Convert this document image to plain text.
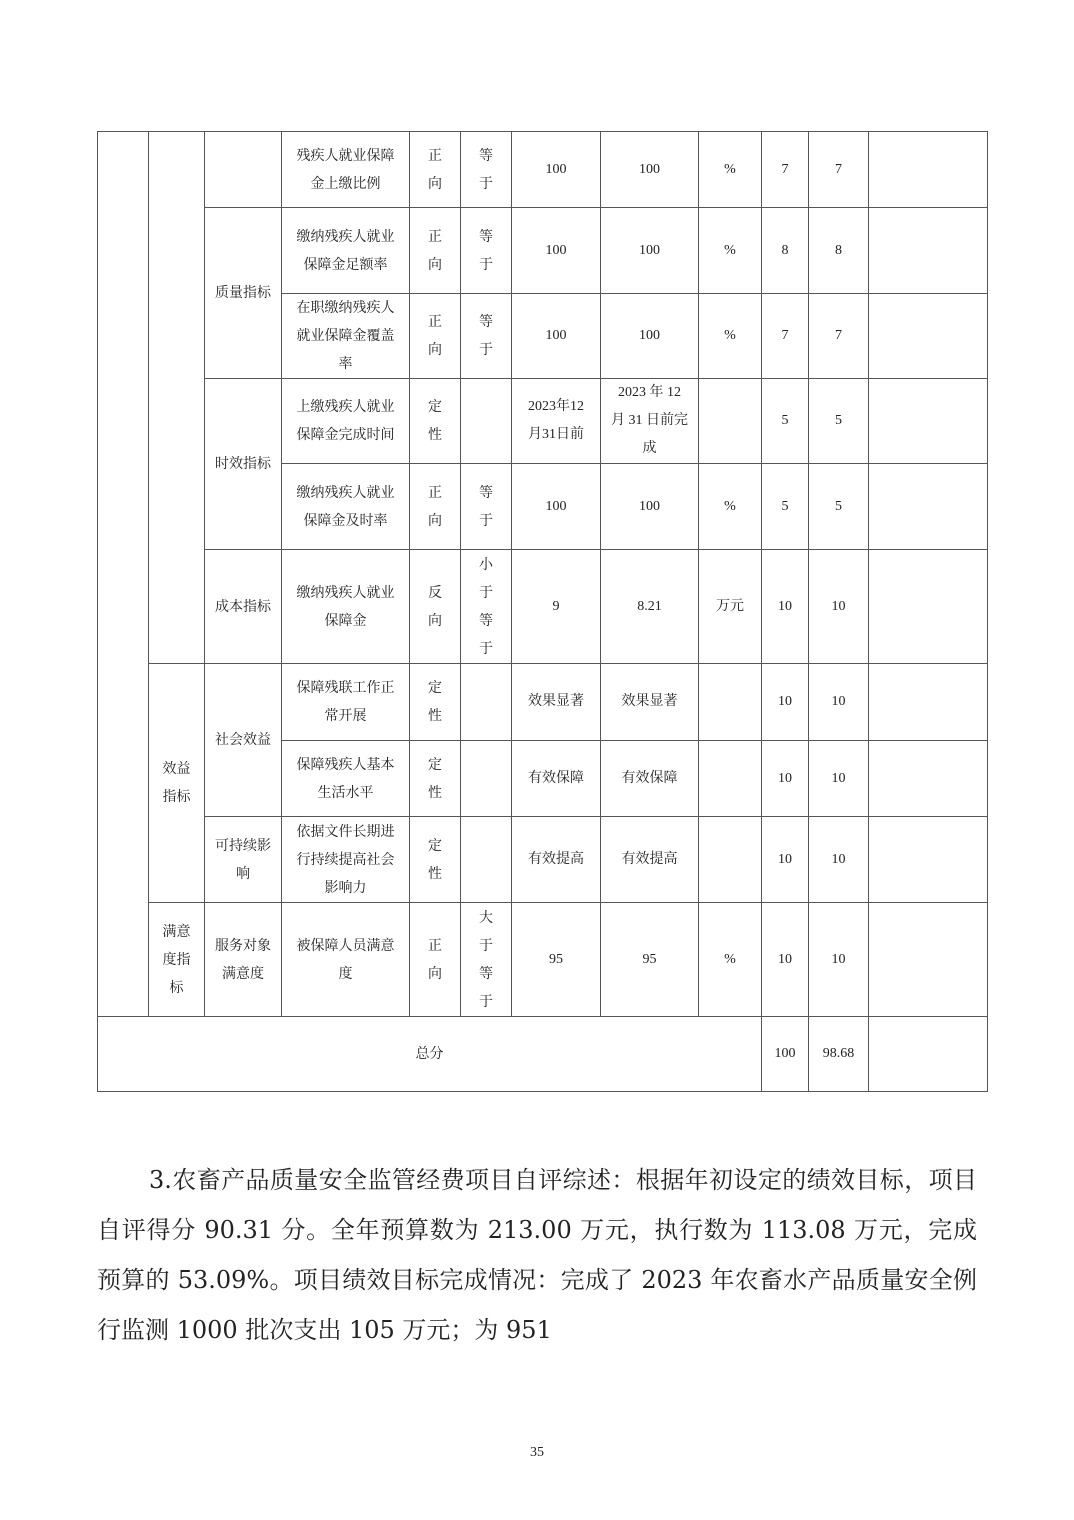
			残疾人就业保障金上缴比例	正向	等于	100	100	%	7	7	
		质量指标	缴纳残疾人就业保障金足额率	正向	等于	100	100	%	8	8	
			在职缴纳残疾人就业保障金覆盖率	正向	等于	100	100	%	7	7	
		时效指标	上缴残疾人就业保障金完成时间	定性		2023年12月31日前	2023 年 12 月 31 日前完成		5	5	
			缴纳残疾人就业保障金及时率	正向	等于	100	100	%	5	5	
		成本指标	缴纳残疾人就业保障金	反向	小于等于	9	8.21	万元	10	10	
	效益指标	社会效益	保障残联工作正常开展	定性		效果显著	效果显著		10	10	
			保障残疾人基本生活水平	定性		有效保障	有效保障		10	10	
		可持续影响	依据文件长期进行持续提高社会影响力	定性		有效提高	有效提高		10	10	
	满意度指标	服务对象满意度	被保障人员满意度	正向	大于等于	95	95	%	10	10	
总分									100	98.68	
3.农畜产品质量安全监管经费项目自评综述：根据年初设定的绩效目标，项目自评得分 90.31 分。全年预算数为 213.00 万元，执行数为 113.08 万元，完成预算的 53.09%。项目绩效目标完成情况：完成了 2023 年农畜水产品质量安全例行监测 1000 批次支出 105 万元；为 951
35
